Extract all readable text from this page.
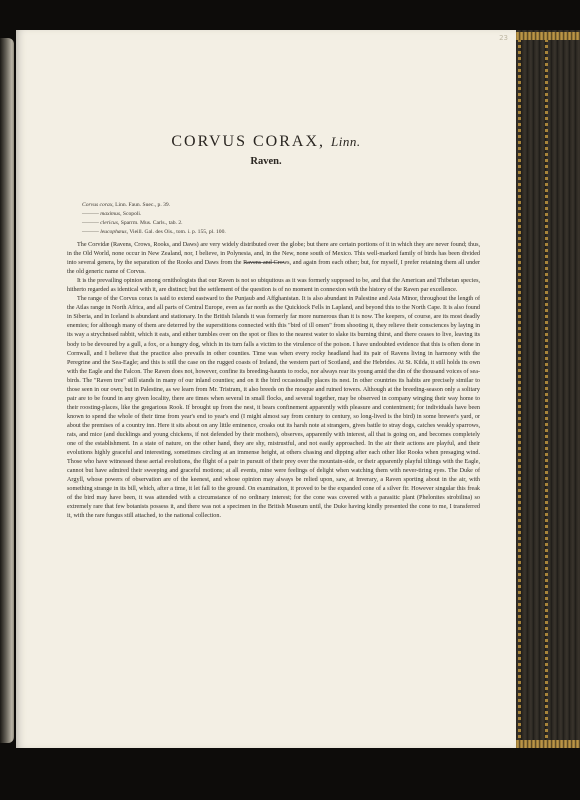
23
CORVUS CORAX, Linn.
Raven.
Corvus corax, Linn. Faun. Suec., p. 39.
——— maximus, Scopoli.
——— clericus, Sparrm. Mus. Carls., tab. 2.
——— leucophæus, Vieill. Gal. des Ois., tom. i. p. 155, pl. 100.

The Corvidæ (Ravens, Crows, Rooks, and Daws) are very widely distributed over the globe; but there are certain portions of it in which they are never found; thus, in the Old World, none occur in New Zealand, nor, I believe, in Polynesia, and, in the New, none south of Mexico. This well-marked family of birds has been divided into several genera, by the separation of the Rooks and Daws from the Ravens and Crows, and again from each other; but, for myself, I prefer retaining them all under the old generic name of Corvus.

It is the prevailing opinion among ornithologists that our Raven is not so ubiquitous as it was formerly supposed to be, and that the American and Thibetan species, hitherto regarded as identical with it, are distinct; but the settlement of the question is of no moment in connexion with the history of the Raven par excellence.

The range of the Corvus corax is said to extend eastward to the Punjaub and Affghanistan. It is also abundant in Palestine and Asia Minor, throughout the length of the Atlas range in North Africa, and all parts of Central Europe, even as far north as the Quickiock Fells in Lapland, and beyond this to the North Cape. It is also found in Siberia, and in Iceland is abundant and stationary. In the British Islands it was formerly far more numerous than it is now. The keepers, of course, are its most deadly enemies; for although many of them are deterred by the superstitions connected with this "bird of ill omen" from shooting it, they relieve their consciences by laying in its way a strychnised rabbit, which it eats, and either tumbles over on the spot or flies to the nearest water to slake its burning thirst, and there ceases to live, leaving its body to be devoured by a gull, a fox, or a hungry dog, which in its turn falls a victim to the virulence of the poison. I have undoubted evidence that this is often done in Cornwall, and I believe that the practice also prevails in other counties. Time was when every rocky headland had its pair of Ravens living in harmony with the Peregrine and the Sea-Eagle; and this is still the case on the rugged coasts of Ireland, the western part of Scotland, and the Hebrides. At St. Kilda, it still holds its own with the Eagle and the Falcon. The Raven does not, however, confine its breeding-haunts to rocks, nor always rear its young amid the din of the thousand voices of sea-birds. The "Raven tree" still stands in many of our inland counties; and on it the bird occasionally places its nest. In other countries its habits are precisely similar to those seen in our own; but in Palestine, as we learn from Mr. Tristram, it also breeds on the mosque and ruined towers. Although at the breeding-season only a solitary pair are to be found in any given locality, there are times when several in small flocks, and several together, may be observed in company winging their way home to their roosting-places, like the gregarious Rook. If brought up from the nest, it bears confinement apparently with pleasure and contentment; for individuals have been known to spend the whole of their time from year's end to year's end (I might almost say from century to century, so long-lived is the bird) in some brewer's yard, or about the premises of a country inn. Here it sits about on any little eminence, croaks out its harsh note at strangers, gives battle to stray dogs, catches weakly sparrows, rats, and mice (and ducklings and young chickens, if not defended by their mothers), observes, apparently with interest, all that is going on, and becomes completely one of the establishment. In a state of nature, on the other hand, they are shy, mistrustful, and not easily approached. In the air their actions are playful, and their evolutions highly graceful and interesting, sometimes circling at an immense height, at others chasing and dipping after each other like Rooks when presaging wind. Those who have witnessed these aerial evolutions, the flight of a pair in pursuit of their prey over the mountain-side, or their apparently playful tiltings with the Eagle, cannot but have admired their sweeping and graceful motions; at all events, mine were feelings of delight when watching them with never-tiring eyes. The Duke of Argyll, whose powers of observation are of the keenest, and whose opinion may always be relied upon, saw, at Inverary, a Raven sporting about in the air, with something strange in its bill, which, after a time, it let fall to the ground. On examination, it proved to be the expanded cone of a silver fir. However singular this freak of the bird may have been, it was attended with a circumstance of no ordinary interest; for the cone was covered with a parasitic plant (Phelonites strobilina) so extremely rare that few botanists possess it, and there was not a specimen in the British Museum until, the Duke having kindly presented the cone to me, I transferred it, with the rare fungus still attached, to the national collection.
